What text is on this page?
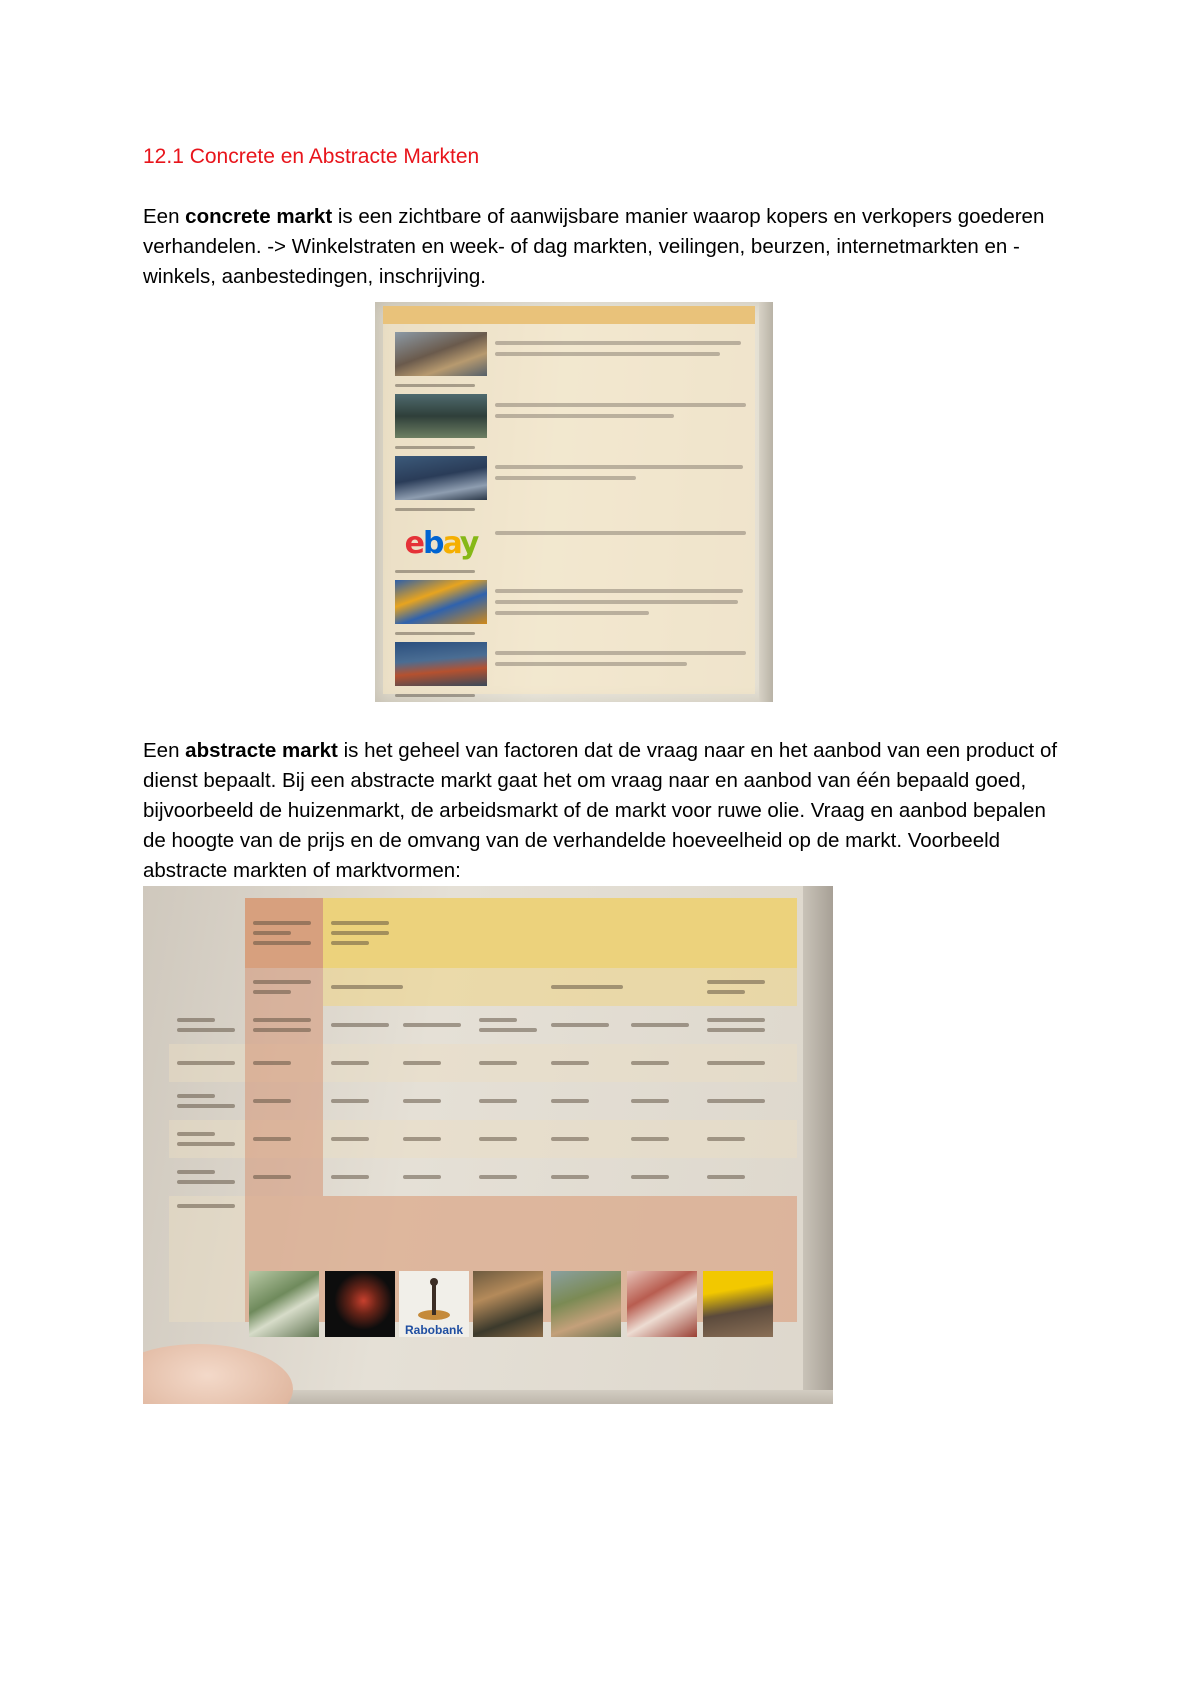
12.1 Concrete en Abstracte Markten

Een concrete markt is een zichtbare of aanwijsbare manier waarop kopers en verkopers goederen verhandelen. -> Winkelstraten en week- of dag markten, veilingen, beurzen, internetmarkten en -winkels, aanbestedingen, inschrijving.

ebay

Een abstracte markt is het geheel van factoren dat de vraag naar en het aanbod van een product of dienst bepaalt. Bij een abstracte markt gaat het om vraag naar en aanbod van één bepaald goed, bijvoorbeeld de huizenmarkt, de arbeidsmarkt of de markt voor ruwe olie. Vraag en aanbod bepalen de hoogte van de prijs en de omvang van de verhandelde hoeveelheid op de markt. Voorbeeld abstracte markten of marktvormen:

Rabobank
